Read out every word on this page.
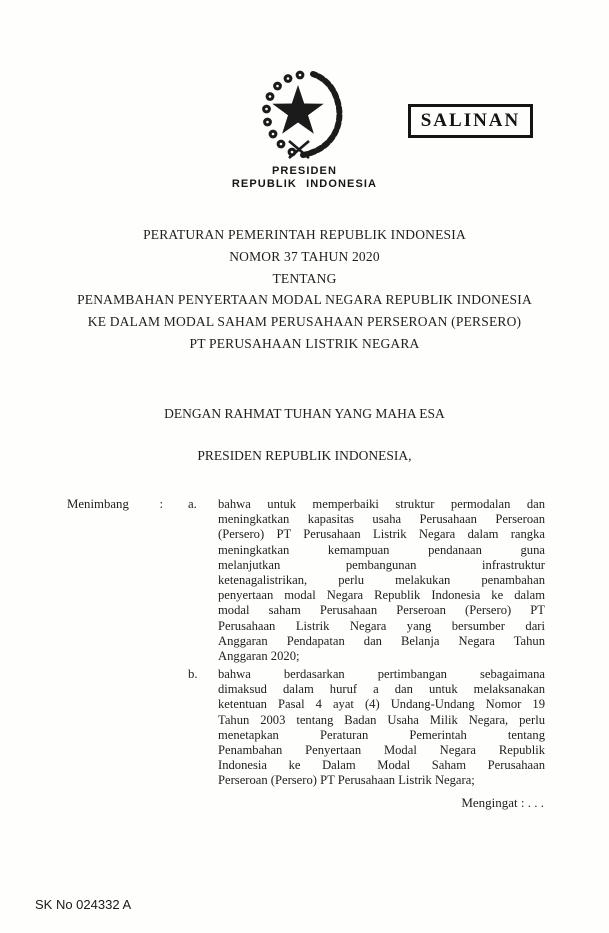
SALINAN
PRESIDEN
REPUBLIK INDONESIA
PERATURAN PEMERINTAH REPUBLIK INDONESIA
NOMOR 37 TAHUN 2020
TENTANG
PENAMBAHAN PENYERTAAN MODAL NEGARA REPUBLIK INDONESIA
KE DALAM MODAL SAHAM PERUSAHAAN PERSEROAN (PERSERO)
PT PERUSAHAAN LISTRIK NEGARA
DENGAN RAHMAT TUHAN YANG MAHA ESA
PRESIDEN REPUBLIK INDONESIA,
Menimbang : a.	bahwa untuk memperbaiki struktur permodalan dan
meningkatkan kapasitas usaha Perusahaan Perseroan
(Persero) PT Perusahaan Listrik Negara dalam rangka
meningkatkan kemampuan pendanaan guna
melanjutkan pembangunan infrastruktur
ketenagalistrikan, perlu melakukan penambahan
penyertaan modal Negara Republik Indonesia ke dalam
modal saham Perusahaan Perseroan (Persero) PT
Perusahaan Listrik Negara yang bersumber dari
Anggaran Pendapatan dan Belanja Negara Tahun
Anggaran 2020;
b.	bahwa berdasarkan pertimbangan sebagaimana
dimaksud dalam huruf a dan untuk melaksanakan
ketentuan Pasal 4 ayat (4) Undang-Undang Nomor 19
Tahun 2003 tentang Badan Usaha Milik Negara, perlu
menetapkan Peraturan Pemerintah tentang
Penambahan Penyertaan Modal Negara Republik
Indonesia ke Dalam Modal Saham Perusahaan
Perseroan (Persero) PT Perusahaan Listrik Negara;
Mengingat : . . .
SK No 024332 A
